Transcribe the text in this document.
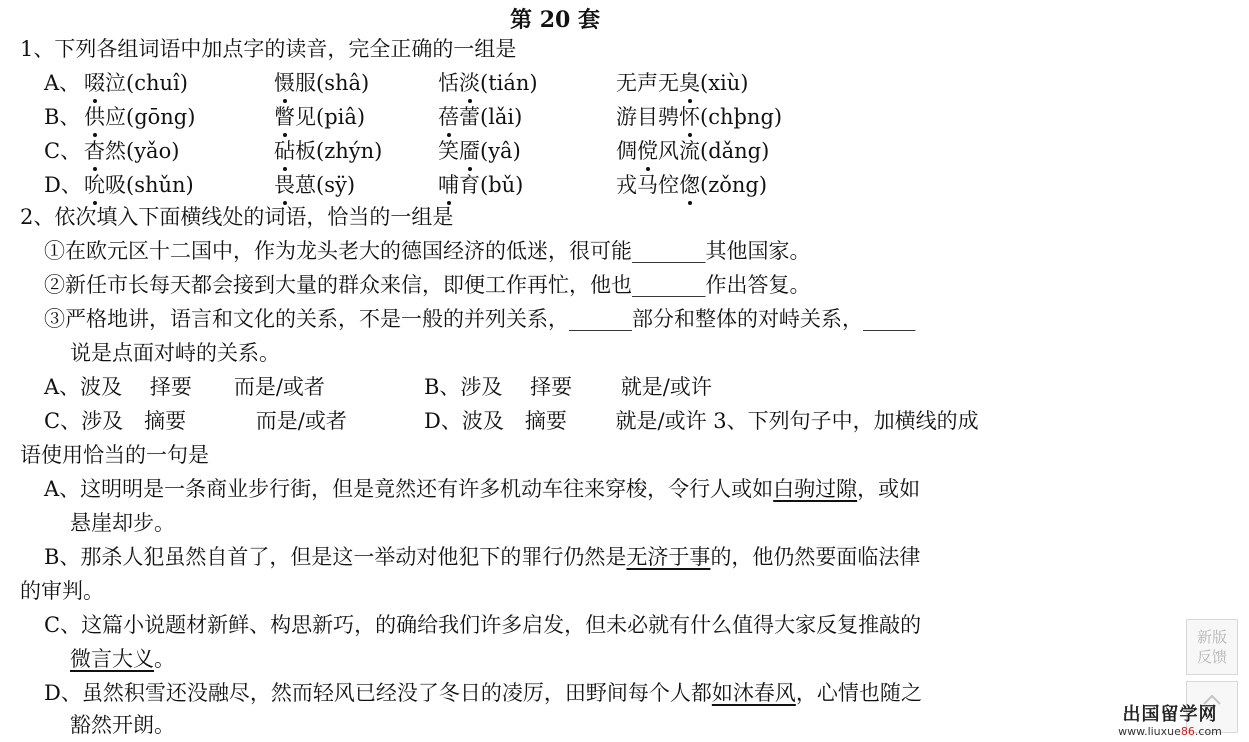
第 20 套
1、下列各组词语中加点字的读音，完全正确的一组是
A、 啜泣(chuî)	慑服(shâ)	恬淡(tián)	无声无臭(xiù)
B、 供应(gōng)	瞥见(piâ)	蓓蕾(lǎi)	游目骋怀(chþng)
C、 杳然(yǎo)	砧板(zhýn)	笑靥(yâ)	倜傥风流(dǎng)
D、 吮吸(shǔn)	畏葸(sÿ)	哺育(bǔ)	戎马倥偬(zǒng)
2、依次填入下面横线处的词语，恰当的一组是
①在欧元区十二国中，作为龙头老大的德国经济的低迷，很可能_______其他国家。
②新任市长每天都会接到大量的群众来信，即便工作再忙，他也_______作出答复。
③严格地讲，语言和文化的关系，不是一般的并列关系，______部分和整体的对峙关系，_____
说是点面对峙的关系。
A、波及　 择要　　而是/或者	B、涉及　 择要　　 就是/或许
C、涉及　摘要　　　 而是/或者	D、波及　摘要　　 就是/或许 3、下列句子中，加横线的成
语使用恰当的一句是
A、这明明是一条商业步行街，但是竟然还有许多机动车往来穿梭，令行人或如白驹过隙，或如
悬崖却步。
B、那杀人犯虽然自首了，但是这一举动对他犯下的罪行仍然是无济于事的，他仍然要面临法律
的审判。
C、这篇小说题材新鲜、构思新巧，的确给我们许多启发，但未必就有什么值得大家反复推敲的
微言大义。
D、虽然积雪还没融尽，然而轻风已经没了冬日的凌厉，田野间每个人都如沐春风，心情也随之
豁然开朗。
新版
反馈
出国留学网
www.liuxue86.com
